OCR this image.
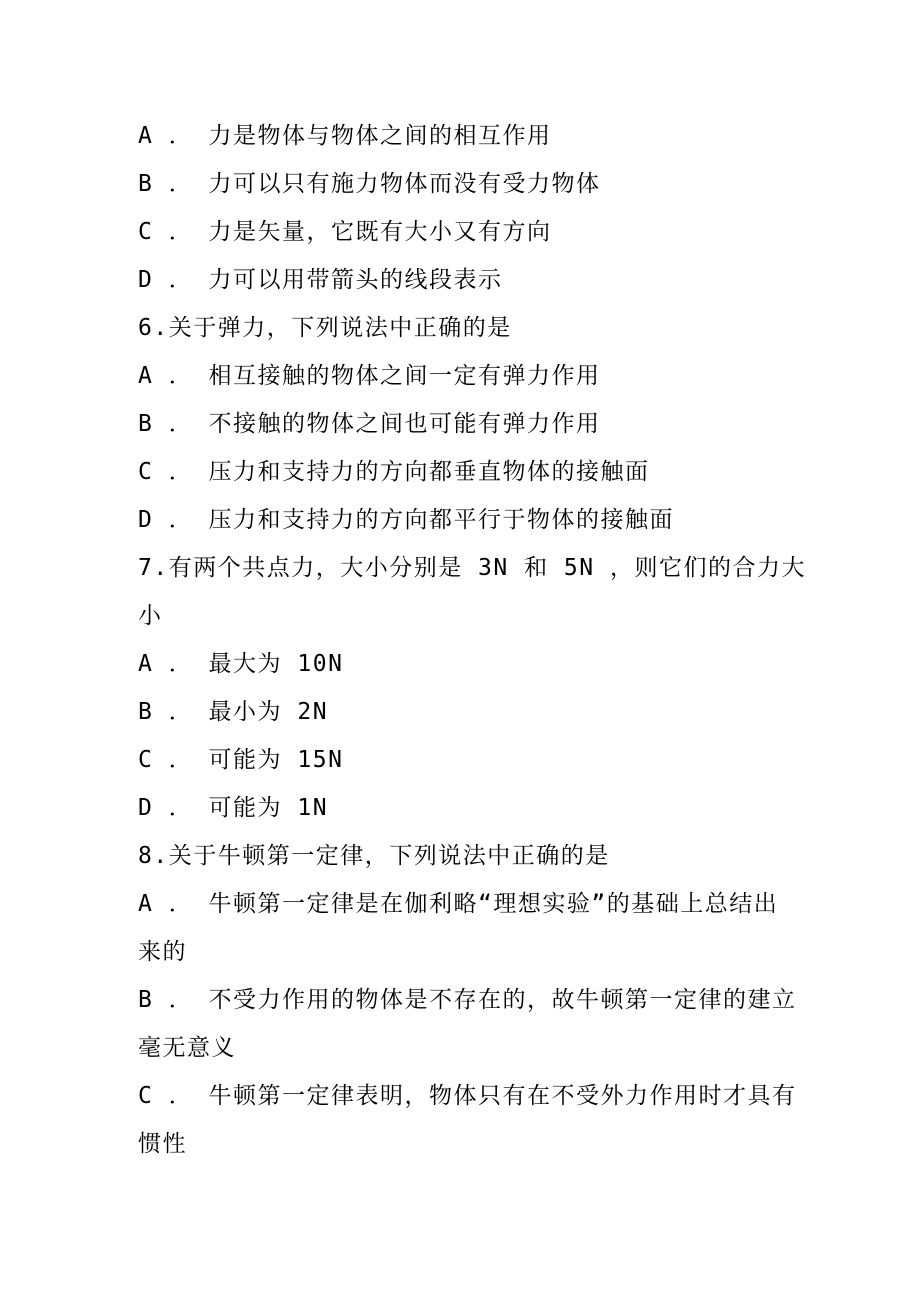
A ． 力是物体与物体之间的相互作用
B ． 力可以只有施力物体而没有受力物体
C ． 力是矢量，它既有大小又有方向
D ． 力可以用带箭头的线段表示
6.关于弹力，下列说法中正确的是
A ． 相互接触的物体之间一定有弹力作用
B ． 不接触的物体之间也可能有弹力作用
C ． 压力和支持力的方向都垂直物体的接触面
D ． 压力和支持力的方向都平行于物体的接触面
7.有两个共点力，大小分别是 3N 和 5N ，则它们的合力大
小
A ． 最大为 10N
B ． 最小为 2N
C ． 可能为 15N
D ． 可能为 1N
8.关于牛顿第一定律，下列说法中正确的是
A ． 牛顿第一定律是在伽利略“理想实验”的基础上总结出
来的
B ． 不受力作用的物体是不存在的，故牛顿第一定律的建立
毫无意义
C ． 牛顿第一定律表明，物体只有在不受外力作用时才具有
惯性
